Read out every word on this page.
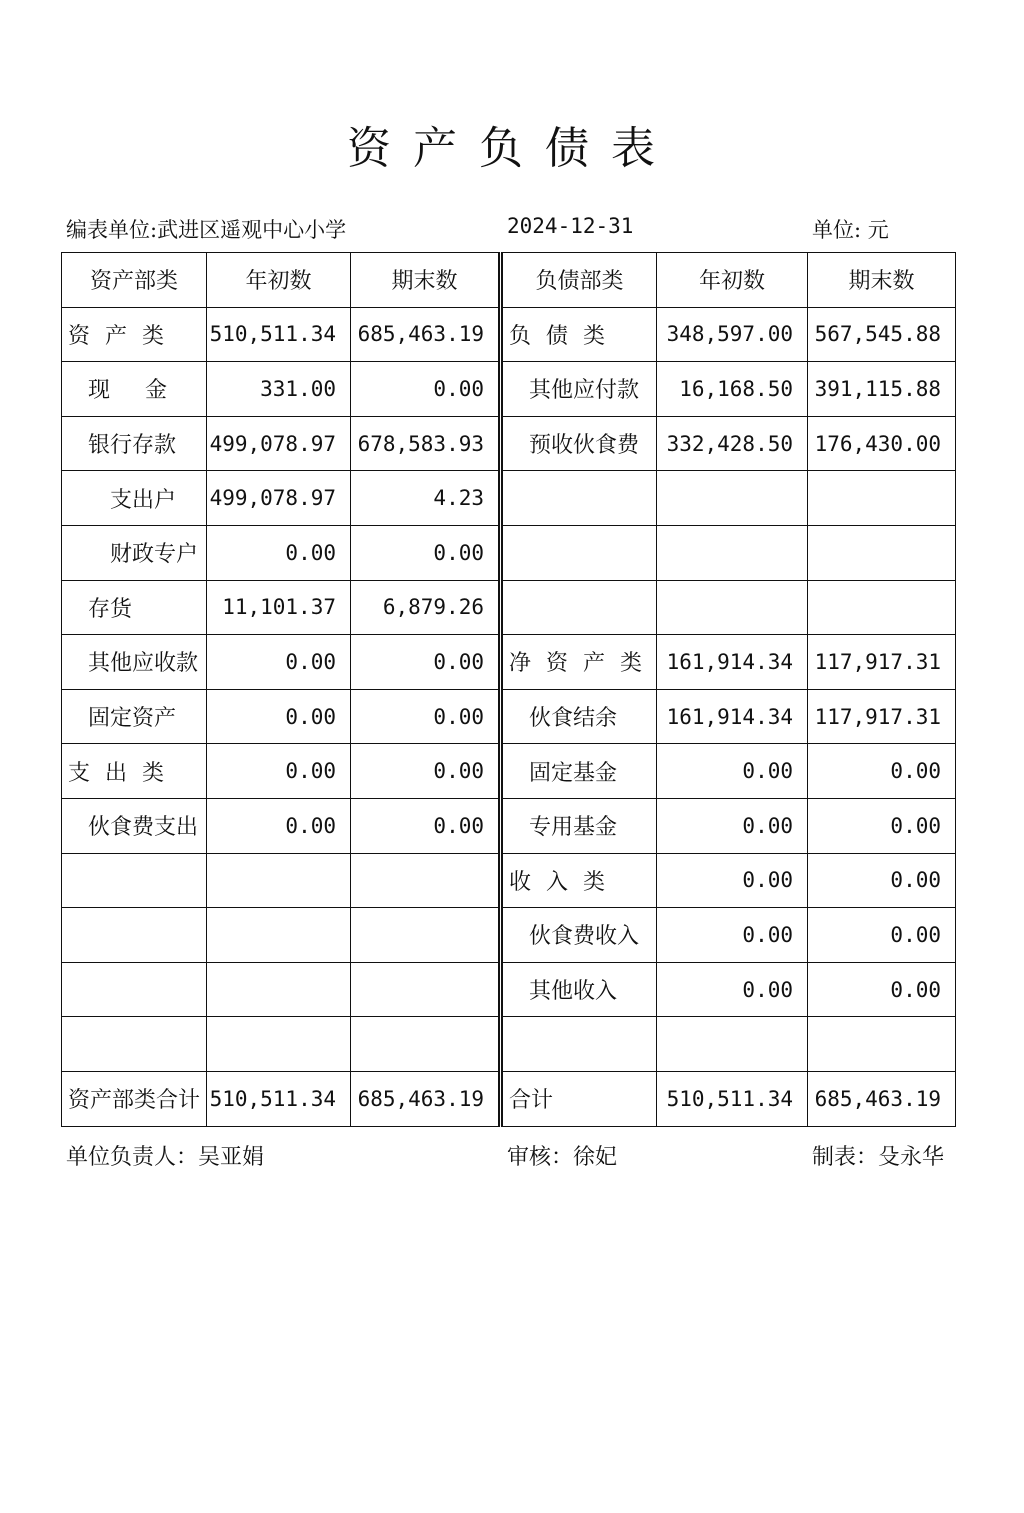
资产负债表
编表单位:武进区遥观中心小学	2024-12-31	单位: 元
资产部类	年初数	期末数	负债部类	年初数	期末数
资 产 类	510,511.34	685,463.19	负 债 类	348,597.00	567,545.88
现 金	331.00	0.00	其他应付款	16,168.50	391,115.88
银行存款	499,078.97	678,583.93	预收伙食费	332,428.50	176,430.00
支出户	499,078.97	4.23			
财政专户	0.00	0.00			
存货	11,101.37	6,879.26			
其他应收款	0.00	0.00	净 资 产 类	161,914.34	117,917.31
固定资产	0.00	0.00	伙食结余	161,914.34	117,917.31
支 出 类	0.00	0.00	固定基金	0.00	0.00
伙食费支出	0.00	0.00	专用基金	0.00	0.00
			收 入 类	0.00	0.00
			伙食费收入	0.00	0.00
			其他收入	0.00	0.00

资产部类合计	510,511.34	685,463.19	合计	510,511.34	685,463.19
单位负责人：吴亚娟	审核：徐妃	制表：殳永华
